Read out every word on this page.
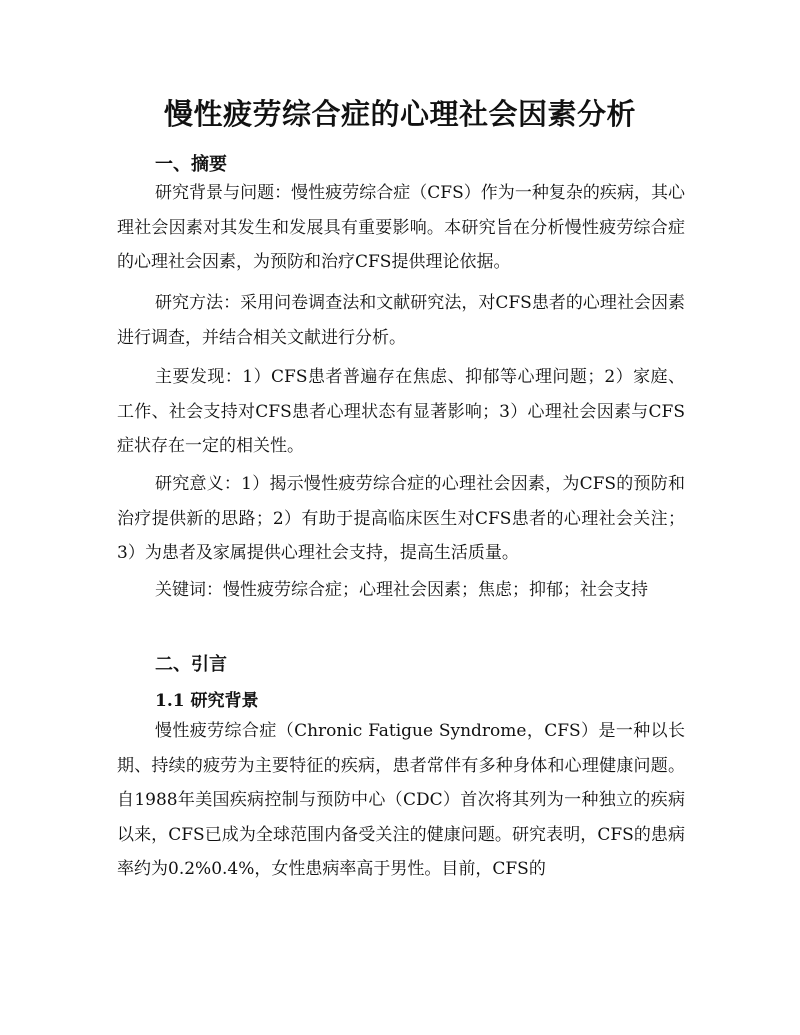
慢性疲劳综合症的心理社会因素分析
一、摘要

研究背景与问题：慢性疲劳综合症（CFS）作为一种复杂的疾病，其心理社会因素对其发生和发展具有重要影响。本研究旨在分析慢性疲劳综合症的心理社会因素，为预防和治疗CFS提供理论依据。

研究方法：采用问卷调查法和文献研究法，对CFS患者的心理社会因素进行调查，并结合相关文献进行分析。

主要发现：1）CFS患者普遍存在焦虑、抑郁等心理问题；2）家庭、工作、社会支持对CFS患者心理状态有显著影响；3）心理社会因素与CFS症状存在一定的相关性。

研究意义：1）揭示慢性疲劳综合症的心理社会因素，为CFS的预防和治疗提供新的思路；2）有助于提高临床医生对CFS患者的心理社会关注；3）为患者及家属提供心理社会支持，提高生活质量。

关键词：慢性疲劳综合症；心理社会因素；焦虑；抑郁；社会支持

二、引言
1.1 研究背景

慢性疲劳综合症（Chronic Fatigue Syndrome，CFS）是一种以长期、持续的疲劳为主要特征的疾病，患者常伴有多种身体和心理健康问题。自1988年美国疾病控制与预防中心（CDC）首次将其列为一种独立的疾病以来，CFS已成为全球范围内备受关注的健康问题。研究表明，CFS的患病率约为0.2%0.4%，女性患病率高于男性。目前，CFS的
